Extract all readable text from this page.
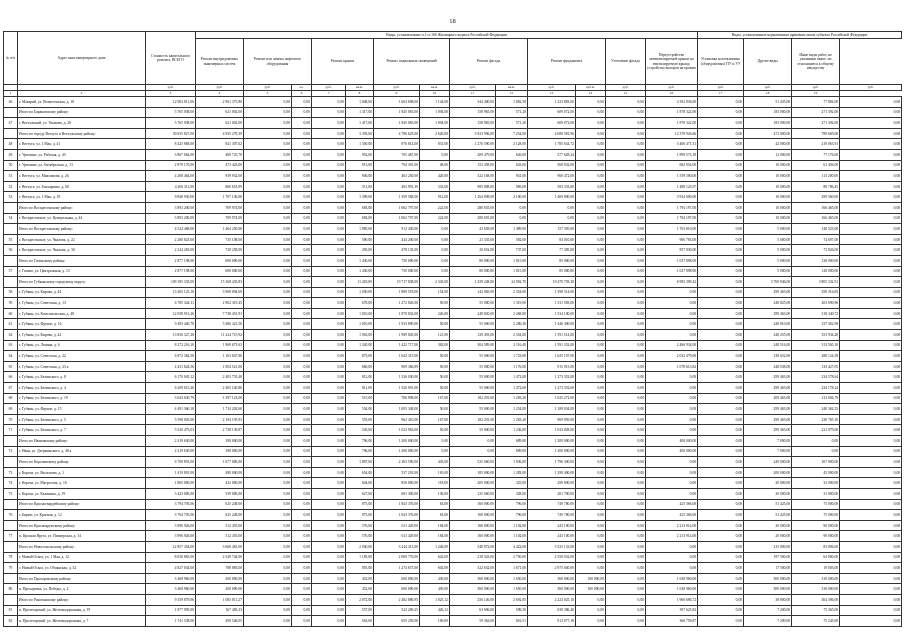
18
№ п/п	Адрес многоквартирного дома	Стоимость капитального ремонта, ВСЕГО	Виды, установленные п.1 ст.166 Жилищного кодекса Российской Федерации													Виды, установленные нормативным правовым актом субъекта Российской Федерации			
			Ремонт внутридомовых инженерных систем	Ремонт или замена лифтового оборудования		Ремонт крыши		Ремонт подвальных помещений		Ремонт фасада		Ремонт фундамента		Утепление фасада	Переустройство невентилируемой крыши на вентилируемую крышу, устройство выходов на кровлю	Установка коллективных (общедомовых) ПУ и УУ	Другие виды	Иные виды работ, не указанные выше, но относящиеся к общему имуществу	
		руб.	руб.	руб.	ед.	руб.	кв.м.	руб.	кв.м.	руб.	кв.м.	руб.	куб.м.	руб.	руб.	руб.	руб.	руб.	руб.
1	2	3	4	5	6	7	8	9	10	11	12	13	14	15	16	17	18	19	
46	г. Макарий, ул. Вознесенская, д. 18	12 902 811,06	2 961 375,80	0,00	0,00	0,00	1 848,00	1 664 698,00	1 144,00	344 400,00	1 882,58	1 223 883,00	0,00	0,00	4 392 836,00	0,00	51 435,00	77 884,00	0,00
	Итого по Барановскому району:	5 765 038,00	621 002,00	0,00	0,00	0,00	1 417,00	1 845 065,00	1 094,00	158 965,00	571,20	609 072,00	0,00	0,00	1 878 322,00	0,00	183 000,00	271 392,00	0,00
47	г. Ветлужский, ул. Ушакова, д. 20	5 765 038,00	621 002,00	0,00	0,00	0,00	1 417,00	1 845 065,00	1 094,00	158 965,00	571,20	609 072,00	0,00	0,00	1 878 322,00	0,00	183 000,00	271 392,00	0,00
	Итого по городу Ветлуга и Ветлужскому району:	30 655 827,00	4 935 279,39	0,00	0,00	0,00	3 393,00	4 786 625,00	2 620,00	3 923 906,00	7 254,00	4 680 581,96	0,00	0,00	12 378 926,66	0,00	472 000,00	789 669,00	0,00
48	г. Ветлуга, ул. 1 Мая, д. 41	8 425 868,00	841 307,62	0,00	0,00	0,00	1 350,00	976 814,00	831,00	1 276 590,00	2 128,00	1 785 634,72	0,00	0,00	3 406 471,31	0,00	42 000,00	219 063,91	0,00
49	г. Урюпино, ул. Рабочая, д. 43	3 867 064,00	469 725,78	0,00	0,00	0,00	952,00	705 467,00	0,00	209 479,00	626,00	577 628,24	0,00	0,00	1 899 573,18	0,00	12 000,00	77 176,00	0,00
50	г. Урюпино, ул. Октябрьская, д. 13	2 879 170,00	473 423,00	0,00	0,00	0,00	913,00	794 391,00	48,00	152 458,00	643,00	568 032,00	0,00	0,00	682 954,00	0,00	10 000,00	61 456,00	0,00
51	г. Ветлуга, ул. Максимова, д. 26	4 208 464,00	939 932,00	0,00	0,00	0,00	946,00	463 250,00	420,00	322 168,00	941,00	968 472,00	0,00	0,00	1 559 580,00	0,00	10 000,00	113 200,00	0,00
52	г. Ветлуга, ул. Гончаренко, д. 60	4 206 311,00	860 653,99	0,00	0,00	0,00	511,00	463 991,39	333,00	985 808,00	969,00	583 333,00	0,00	0,00	1 488 123,97	0,00	10 000,00	88 706,45	0,00
53	г. Ветлуга, ул. 1 Мая, д. 18	9 848 930,00	1 707 136,00	0,00	0,00	0,00	1 399,00	1 359 568,00	912,00	1 264 098,00	2 100,00	1 469 800,00	0,00	0,00	3 934 000,00	0,00	10 000,00	299 560,00	0,00
	Итого по Воскресенскому району:	3 893 200,00	709 974,00	0,00	0,00	0,00	683,00	1 062 797,00	222,00	280 655,00	0,00	0,00	0,00	0,00	1 794 197,00	0,00	10 000,00	166 465,00	0,00
54	г. Воскресенское, ул. Центральная, д. 44	3 893 200,00	709 974,00	0,00	0,00	0,00	683,00	1 062 797,00	222,00	280 655,00	0,00	0,00	0,00	0,00	1 794 197,00	0,00	10 000,00	166 465,00	0,00
	Итого по Воскресенскому району:	4 524 468,00	1 464 250,00	0,00	0,00	0,00	1 885,00	912 430,00	0,00	43 658,00	1 489,00	157 395,00	0,00	0,00	1 763 810,00	0,00	5 000,00	148 523,00	0,00
55	г. Воскресенское, ул. Чкалова, д. 22	2 280 823,00	735 108,00	0,00	0,00	0,00	590,00	434 200,00	0,00	21 335,00	582,00	83 010,00	0,00	0,00	906 783,00	0,00	5 000,00	74 697,00	0,00
56	г. Воскресенское, ул. Чкалова, д. 30	2 244 265,00	729 258,00	0,00	0,00	0,00	295,00	478 135,00	0,00	20 652,00	737,00	77 385,00	0,00	0,00	857 830,00	0,00	5 000,00	73 826,00	0,00
	Итого по Гагинскому району:	2 877 198,00	608 000,00	0,00	0,00	0,00	1 430,00	750 000,00	0,00	80 000,00	1 815,00	85 000,00	0,00	0,00	1 037 898,00	0,00	5 000,00	128 000,00	0,00
57	г. Гагино, ул. Центральная, д. 13	2 877 198,00	608 000,00	0,00	0,00	0,00	1 430,00	750 000,00	0,00	80 000,00	1 815,00	85 000,00	0,00	0,00	1 037 898,00	0,00	5 000,00	128 000,00	0,00
	Итого по Губкинскому городскому округу:	109 185 333,00	15 168 435,83	0,00	0,00	0,00	11 418,00	19 717 838,00	2 343,00	1 439 248,00	24 902,70	19 470 703,38	0,00	0,00	6 993 309,42	0,00	3 769 946,00	3 805 332,91	0,00
58	г. Губкин, ул. Кирова, д. 44	13 465 125,18	3 968 094,69	0,00	0,00	0,00	1 030,00	1 889 518,00	154,00	143 065,00	2 354,00	1 598 514,00	0,00	0,00	0,00	0,00	299 463,00	358 316,83	0,00
59	г. Губкин, ул. Советская, д. 13	6 785 344,31	2 902 319,45	0,00	0,00	0,00	678,00	1 272 826,00	50,00	55 000,00	1 319,00	1 531 583,00	0,00	0,00	0,00	0,00	248 825,00	203 690,96	0,00
60	г. Губкин, ул. Комсомольская, д. 48	12 058 913,26	7 738 451,91	0,00	0,00	0,00	1 010,00	1 970 832,00	226,00	248 820,00	2 268,00	1 534 100,00	0,00	0,00	0,00	0,00	299 463,00	318 340,72	0,00
61	г. Губкин, ул. Фрунзе, д. 16	9 483 440,78	5 486 421,50	0,00	0,00	0,00	1 010,00	1 933 890,00	50,00	55 000,00	2 286,30	1 446 300,00	0,00	0,00	0,00	0,00	248 810,00	337 362,98	0,00
62	г. Губкин, ул. Кирова, д. 42	13 856 327,28	11 224 715,92	0,00	0,00	0,00	1 063,00	1 989 845,00	121,00	129 493,00	2 354,00	1 591 514,00	0,00	0,00	0,00	0,00	248 255,00	353 934,28	0,00
63	г. Губкин, ул. Ленина, д. 6	8 272 216,10	1 969 673,63	0,00	0,00	0,00	1 320,00	1 422 717,00	382,00	304 589,00	2 116,40	1 591 352,00	0,00	0,00	2 466 934,00	0,00	248 516,00	313 565,10	0,00
64	г. Губкин, ул. Советская, д. 22	6 972 364,58	1 163 647,80	0,00	0,00	0,00	873,00	1 642 315,00	50,00	55 000,00	1 723,00	1 625 107,00	0,00	0,00	2 032 479,00	0,00	138 652,00	288 124,58	0,00
65	г. Губкин, ул. Советская, д. 23 а	4 431 824,56	1 004 521,00	0,00	0,00	0,00	660,00	909 366,89	50,00	55 000,00	1 176,00	915 915,00	0,00	0,00	1 078 613,82	0,00	248 038,00	133 427,05	0,00
66	г. Губкин, ул. Белинского, д. 8	6 170 045,12	2 403 753,48	0,00	0,00	0,00	812,00	1 526 030,00	50,00	55 000,00	1 472,00	1 273 352,00	0,00	0,00	0,00	0,00	299 463,00	234 578,64	0,00
67	г. Губкин, ул. Белинского, д. 4	6 209 615,40	2 405 140,80	0,00	0,00	0,00	811,00	1 526 901,00	50,00	55 000,00	1 472,00	1 273 352,00	0,00	0,00	0,00	0,00	299 463,00	234 178,24	0,00
68	г. Губкин, ул. Белинского, д. 19	3 643 630,79	1 397 123,00	0,00	0,00	0,00	515,00	706 898,00	167,00	182 291,00	1 283,20	1 025 272,00	0,00	0,00	0,00	0,00	209 463,00	123 604,79	0,00
69	г. Губкин, ул. Фрунзе, д. 15	4 491 360,18	1 734 202,60	0,00	0,00	0,00	534,00	1 003 348,00	50,00	55 000,00	1 254,00	1 189 034,00	0,00	0,00	0,00	0,00	299 463,00	240 362,53	0,00
70	г. Губкин, ул. Белинского, д. 5	5 598 945,00	2 194 195,93	0,00	0,00	0,00	555,00	962 410,00	167,00	182 291,00	1 283,20	969 859,00	0,00	0,00	0,00	0,00	299 463,00	230 765,10	0,00
71	г. Губкин, ул. Белинского, д. 7	5 520 475,03	2 728 139,87	0,00	0,00	0,00	545,00	1 022 963,00	50,00	55 000,00	1 236,00	1 033 828,00	0,00	0,00	0,00	0,00	299 463,00	221 079,00	0,00
	Итого по Ивановскому району:	2 419 630,00	188 000,00	0,00	0,00	0,00	796,00	1 200 000,00	0,00	0,00	689,00	1 200 000,00	0,00	0,00	400 000,00	0,00	7 000,00	0,00	0,00
72	г. Иван, ул. Дзержинского, д. 48 а	2 419 630,00	188 000,00	0,00	0,00	0,00	796,00	1 200 000,00	0,00	0,00	689,00	1 200 000,00	0,00	0,00	400 000,00	0,00	7 000,00	0,00	0,00
	Итого по Корочанскому району:	6 708 891,00	1 677 000,00	0,00	0,00	0,00	1 887,00	2 363 590,00	445,00	525 660,00	1 936,00	1 796 300,00	0,00	0,00	0,00	0,00	249 000,00	107 000,00	0,00
73	г. Короча, ул. Васильева, д. 1	1 419 891,00	488 000,00	0,00	0,00	0,00	654,00	537 291,00	165,00	185 000,00	1 283,00	1 298 400,00	0,00	0,00	0,00	0,00	200 000,00	45 000,00	0,00
74	г. Короча, ул. Матросова, д. 16	1 865 000,00	432 000,00	0,00	0,00	0,00	604,00	856 000,00	118,00	205 000,00	325,00	299 690,00	0,00	0,00	0,00	0,00	20 000,00	32 000,00	0,00
75	г. Короча, ул. Калинина, д. 19	3 423 000,00	539 000,00	0,00	0,00	0,00	627,00	681 300,00	136,00	125 660,00	328,00	201 700,00	0,00	0,00	0,00	0,00	20 000,00	31 000,00	0,00
	Итого по Красногвардейскому району:	3 794 705,06	625 248,00	0,00	0,00	0,00	875,00	1 843 376,00	63,00	160 000,00	796,00	749 780,00	0,00	0,00	425 366,00	0,00	51 425,00	75 000,00	0,00
76	г. Бирюч, ул. Красная, д. 12	3 794 705,06	625 248,00	0,00	0,00	0,00	875,00	1 843 376,00	63,00	160 000,00	796,00	749 780,00	0,00	0,00	425 366,00	0,00	51 425,00	75 000,00	0,00
	Итого по Краснояружскому району:	3 996 926,00	512 455,00	0,00	0,00	0,00	576,00	611 429,00	184,00	160 000,00	1 102,00	243 100,00	0,00	0,00	2 213 914,00	0,00	20 000,00	90 000,00	0,00
77	п. Красная Яруга, ул. Пионерская, д. 14	3 996 926,00	512 455,00	0,00	0,00	0,00	576,00	611 429,00	184,00	160 000,00	1 102,00	243 100,00	0,00	0,00	2 213 914,00	0,00	20 000,00	90 000,00	0,00
	Итого по Новооскольскому району:	12 857 454,00	3 668 481,00	0,00	0,00	0,00	2 040,00	3 244 413,00	1 246,00	540 872,00	4 422,00	5 525 133,00	0,00	0,00	0,00	0,00	215 000,00	83 806,00	0,00
78	г. Новый Оскол, ул. 1 Мая, д. 12	8 030 865,00	2 549 744,00	0,00	0,00	0,00	1 185,00	2 069 776,00	642,00	218 343,00	2 750,00	2 550 032,00	0,00	0,00	0,00	0,00	197 500,00	64 800,00	0,00
79	г. Новый Оскол, ул. Обоянская, д. 32	4 827 034,00	788 885,00	0,00	0,00	0,00	855,00	1 274 637,00	602,00	322 632,00	1 671,00	2 975 040,00	0,00	0,00	0,00	0,00	17 500,00	19 003,00	0,00
	Итого по Прохоровскому району:	3 468 960,00	200 000,00	0,00	0,00	0,00	452,00	600 000,00	430,00	360 000,00	1 650,00	360 000,00	100 000,00	0,00	1 638 960,00	0,00	300 000,00	310 000,00	0,00
80	п. Прохоровка, ул. Победы, д. 2	3 468 960,00	200 000,00	0,00	0,00	0,00	452,00	600 000,00	430,00	360 000,00	1 650,00	360 000,00	100 000,00	0,00	1 638 960,00	0,00	300 000,00	310 000,00	0,00
	Итого по Ракитянскому району:	9 359 879,06	1 083 811,27	0,00	0,00	0,00	2 072,00	2 482 886,95	1 025,12	256 146,00	2 692,85	2 223 025,10	0,00	0,00	1 960 686,72	0,00	38 800,00	304 386,00	0,00
81	п. Пролетарский, ул. Железнодорожная, д. 19	1 877 995,00	167 483,33	0,00	0,00	0,00	557,00	522 269,25	426,12	63 696,00	589,30	639 386,40	0,00	0,00	397 625,82	0,00	7 200,00	75 365,00	0,00
82	п. Пролетарский, ул. Железнодорожная, д. 7	1 741 538,00	490 546,05	0,00	0,00	0,00	563,00	655 259,00	169,00	59 363,00	816,51	913 077,18	0,00	0,00	366 759,87	0,00	7 200,00	75 245,00	0,00
